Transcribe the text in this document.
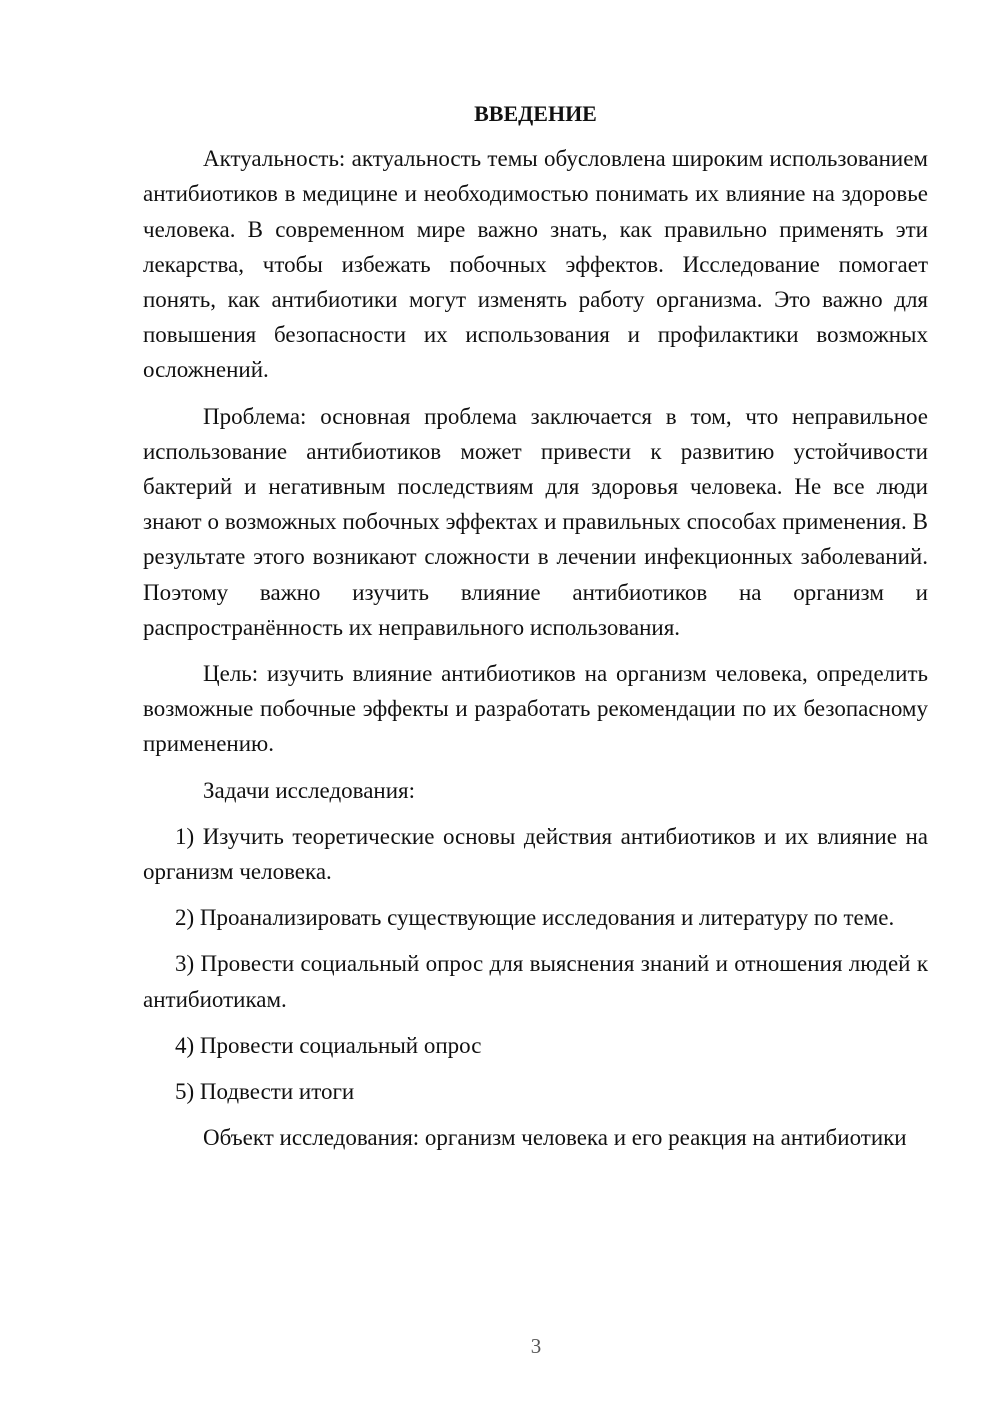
ВВЕДЕНИЕ

Актуальность: актуальность темы обусловлена широким использованием антибиотиков в медицине и необходимостью понимать их влияние на здоровье человека. В современном мире важно знать, как правильно применять эти лекарства, чтобы избежать побочных эффектов. Исследование помогает понять, как антибиотики могут изменять работу организма. Это важно для повышения безопасности их использования и профилактики возможных осложнений.

Проблема: основная проблема заключается в том, что неправильное использование антибиотиков может привести к развитию устойчивости бактерий и негативным последствиям для здоровья человека. Не все люди знают о возможных побочных эффектах и правильных способах применения. В результате этого возникают сложности в лечении инфекционных заболеваний. Поэтому важно изучить влияние антибиотиков на организм и распространённость их неправильного использования.

Цель: изучить влияние антибиотиков на организм человека, определить возможные побочные эффекты и разработать рекомендации по их безопасному применению.

Задачи исследования:

1) Изучить теоретические основы действия антибиотиков и их влияние на организм человека.

2) Проанализировать существующие исследования и литературу по теме.

3) Провести социальный опрос для выяснения знаний и отношения людей к антибиотикам.

4) Провести социальный опрос

5) Подвести итоги

Объект исследования: организм человека и его реакция на антибиотики

3
